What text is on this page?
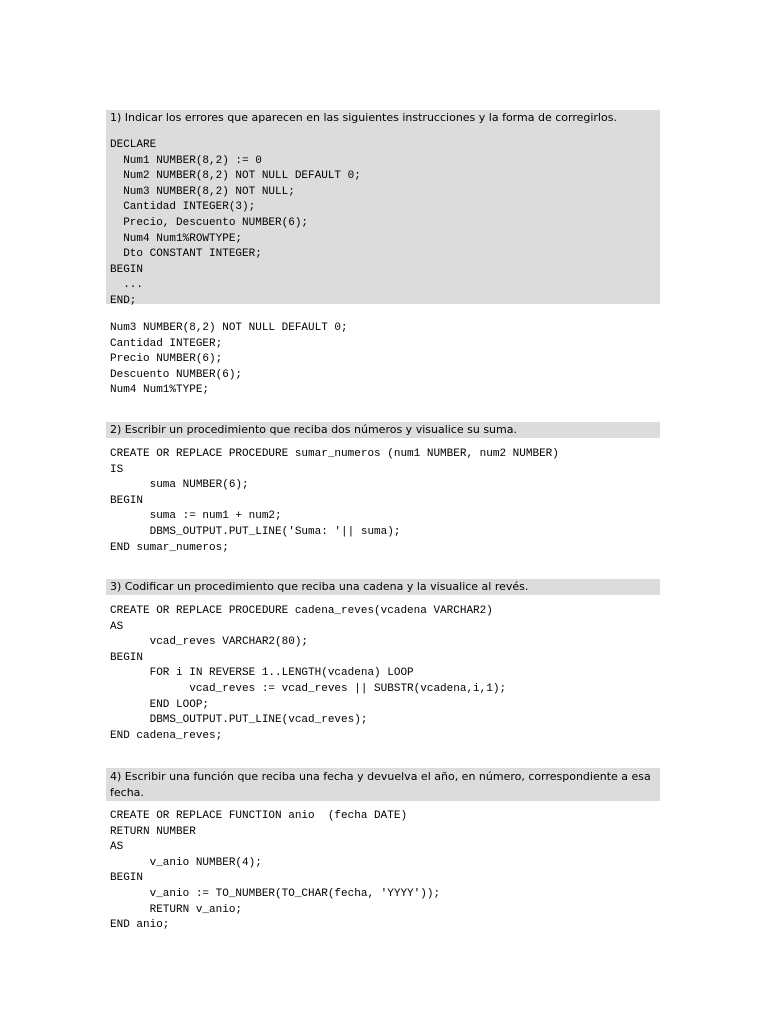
1) Indicar los errores que aparecen en las siguientes instrucciones y la forma de corregirlos.
DECLARE
Num1 NUMBER(8,2) := 0
Num2 NUMBER(8,2) NOT NULL DEFAULT 0;
Num3 NUMBER(8,2) NOT NULL;
Cantidad INTEGER(3);
Precio, Descuento NUMBER(6);
Num4 Num1%ROWTYPE;
Dto CONSTANT INTEGER;
BEGIN
...
END;
Num3 NUMBER(8,2) NOT NULL DEFAULT 0;
Cantidad INTEGER;
Precio NUMBER(6);
Descuento NUMBER(6);
Num4 Num1%TYPE;
2) Escribir un procedimiento que reciba dos números y visualice su suma.
CREATE OR REPLACE PROCEDURE sumar_numeros (num1 NUMBER, num2 NUMBER)
IS
suma NUMBER(6);
BEGIN
suma := num1 + num2;
DBMS_OUTPUT.PUT_LINE('Suma: '|| suma);
END sumar_numeros;
3) Codificar un procedimiento que reciba una cadena y la visualice al revés.
CREATE OR REPLACE PROCEDURE cadena_reves(vcadena VARCHAR2)
AS
vcad_reves VARCHAR2(80);
BEGIN
FOR i IN REVERSE 1..LENGTH(vcadena) LOOP
vcad_reves := vcad_reves || SUBSTR(vcadena,i,1);
END LOOP;
DBMS_OUTPUT.PUT_LINE(vcad_reves);
END cadena_reves;
4) Escribir una función que reciba una fecha y devuelva el año, en número, correspondiente a esa fecha.
CREATE OR REPLACE FUNCTION anio  (fecha DATE)
RETURN NUMBER
AS
v_anio NUMBER(4);
BEGIN
v_anio := TO_NUMBER(TO_CHAR(fecha, 'YYYY'));
RETURN v_anio;
END anio;
